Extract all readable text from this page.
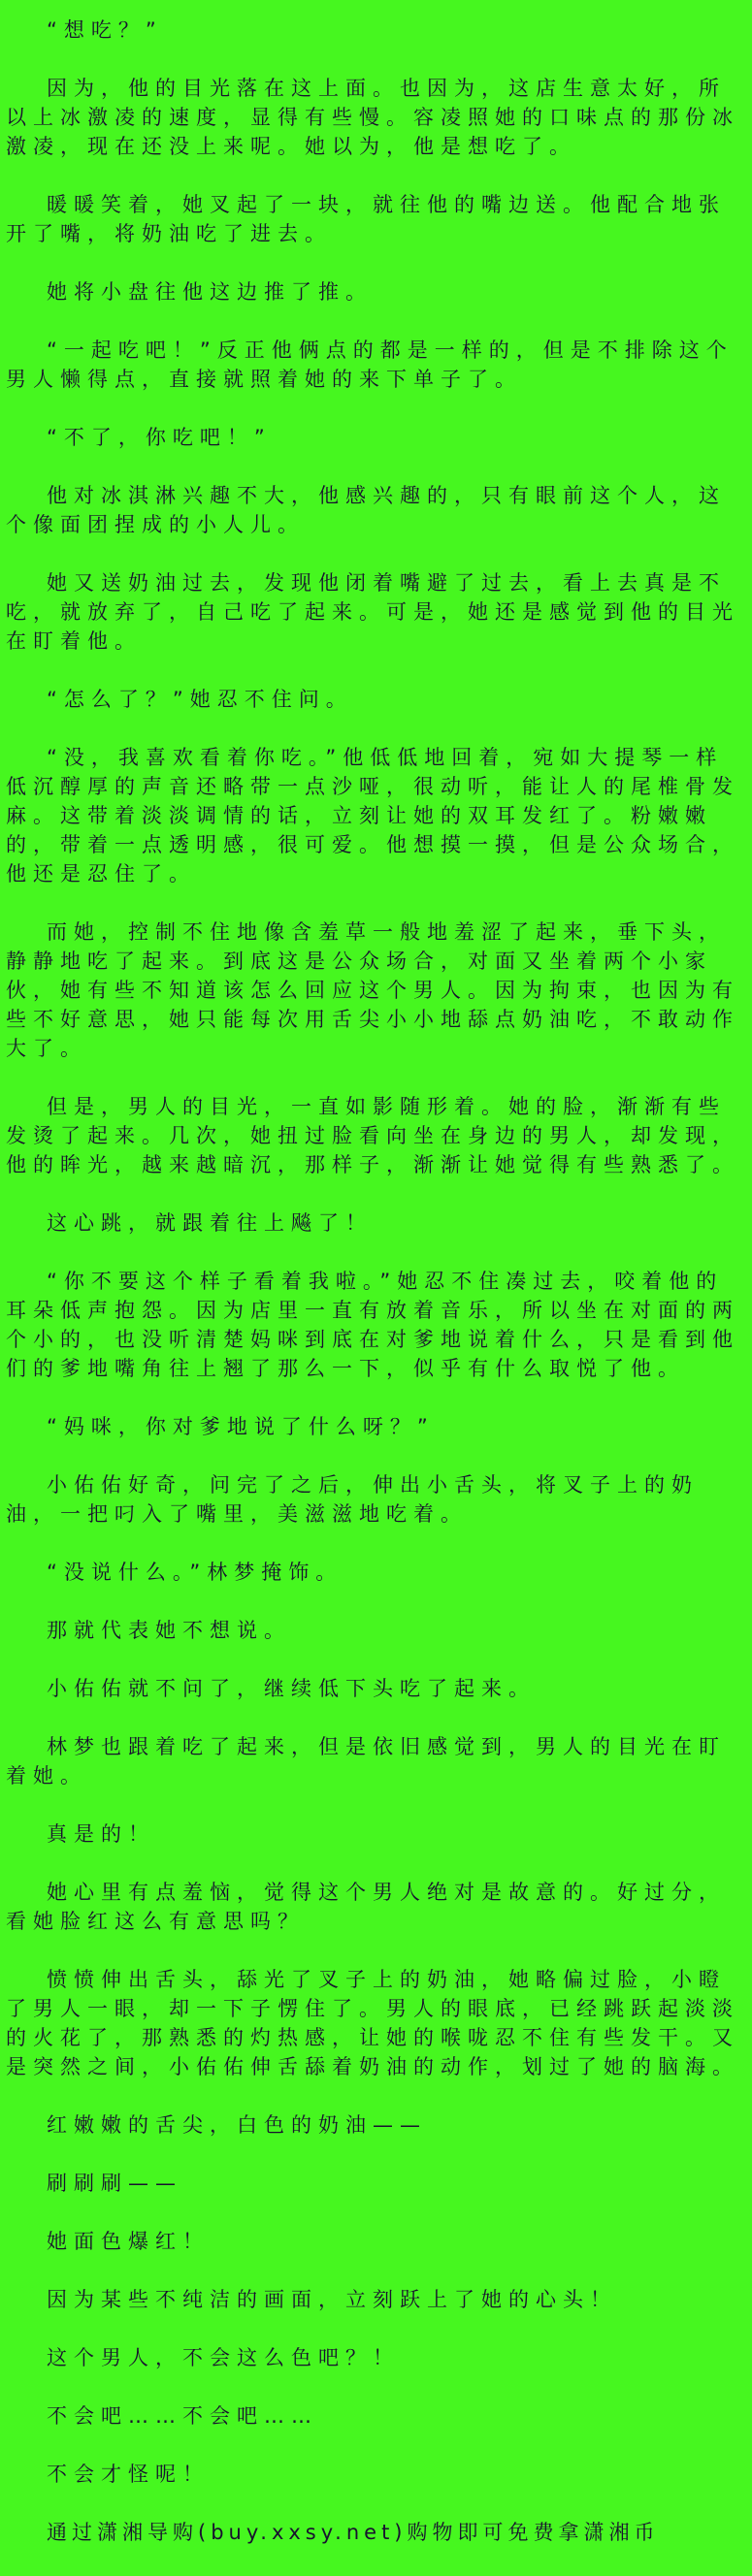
“想吃？”

因为，他的目光落在这上面。也因为，这店生意太好，所以上冰激凌的速度，显得有些慢。容凌照她的口味点的那份冰激凌，现在还没上来呢。她以为，他是想吃了。

暖暖笑着，她叉起了一块，就往他的嘴边送。他配合地张开了嘴，将奶油吃了进去。

她将小盘往他这边推了推。

“一起吃吧！”反正他俩点的都是一样的，但是不排除这个男人懒得点，直接就照着她的来下单子了。

“不了，你吃吧！”

他对冰淇淋兴趣不大，他感兴趣的，只有眼前这个人，这个像面团捏成的小人儿。

她又送奶油过去，发现他闭着嘴避了过去，看上去真是不吃，就放弃了，自己吃了起来。可是，她还是感觉到他的目光在盯着他。

“怎么了？”她忍不住问。

“没，我喜欢看着你吃。”他低低地回着，宛如大提琴一样低沉醇厚的声音还略带一点沙哑，很动听，能让人的尾椎骨发麻。这带着淡淡调情的话，立刻让她的双耳发红了。粉嫩嫩的，带着一点透明感，很可爱。他想摸一摸，但是公众场合，他还是忍住了。

而她，控制不住地像含羞草一般地羞涩了起来，垂下头，静静地吃了起来。到底这是公众场合，对面又坐着两个小家伙，她有些不知道该怎么回应这个男人。因为拘束，也因为有些不好意思，她只能每次用舌尖小小地舔点奶油吃，不敢动作大了。

但是，男人的目光，一直如影随形着。她的脸，渐渐有些发烫了起来。几次，她扭过脸看向坐在身边的男人，却发现，他的眸光，越来越暗沉，那样子，渐渐让她觉得有些熟悉了。

这心跳，就跟着往上飚了！

“你不要这个样子看着我啦。”她忍不住凑过去，咬着他的耳朵低声抱怨。因为店里一直有放着音乐，所以坐在对面的两个小的，也没听清楚妈咪到底在对爹地说着什么，只是看到他们的爹地嘴角往上翘了那么一下，似乎有什么取悦了他。

“妈咪，你对爹地说了什么呀？”

小佑佑好奇，问完了之后，伸出小舌头，将叉子上的奶油，一把叼入了嘴里，美滋滋地吃着。

“没说什么。”林梦掩饰。

那就代表她不想说。

小佑佑就不问了，继续低下头吃了起来。

林梦也跟着吃了起来，但是依旧感觉到，男人的目光在盯着她。

真是的！

她心里有点羞恼，觉得这个男人绝对是故意的。好过分，看她脸红这么有意思吗？

愤愤伸出舌头，舔光了叉子上的奶油，她略偏过脸，小瞪了男人一眼，却一下子愣住了。男人的眼底，已经跳跃起淡淡的火花了，那熟悉的灼热感，让她的喉咙忍不住有些发干。又是突然之间，小佑佑伸舌舔着奶油的动作，划过了她的脑海。

红嫩嫩的舌尖，白色的奶油——

刷刷刷——

她面色爆红！

因为某些不纯洁的画面，立刻跃上了她的心头！

这个男人，不会这么色吧？！

不会吧……不会吧……

不会才怪呢！

通过潇湘导购(buy.xxsy.net)购物即可免费拿潇湘币
